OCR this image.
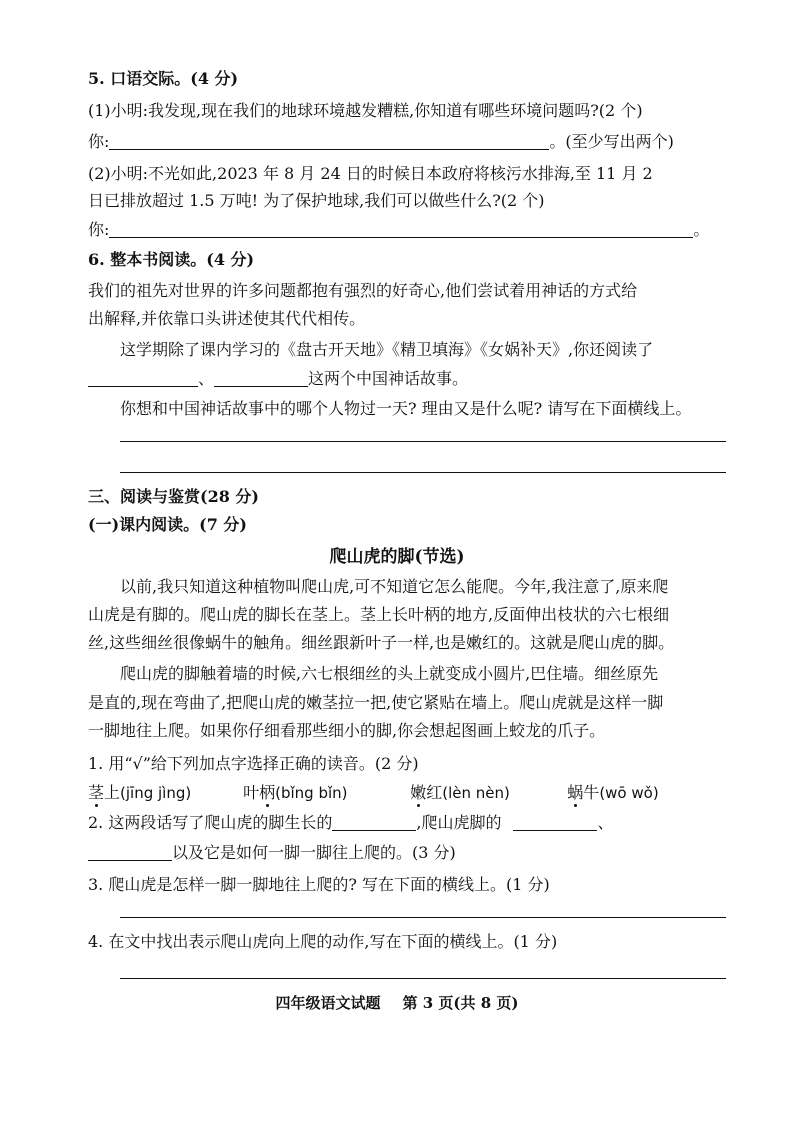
5. 口语交际。(4 分)
(1)小明:我发现,现在我们的地球环境越发糟糕,你知道有哪些环境问题吗?(2 个)
你:	。(至少写出两个)
(2)小明:不光如此,2023 年 8 月 24 日的时候日本政府将核污水排海,至 11 月 2
日已排放超过 1.5 万吨! 为了保护地球,我们可以做些什么?(2 个)
你:	。
6. 整本书阅读。(4 分)
我们的祖先对世界的许多问题都抱有强烈的好奇心,他们尝试着用神话的方式给
出解释,并依靠口头讲述使其代代相传。
这学期除了课内学习的《盘古开天地》《精卫填海》《女娲补天》,你还阅读了
、	这两个中国神话故事。
你想和中国神话故事中的哪个人物过一天? 理由又是什么呢? 请写在下面横线上。
三、阅读与鉴赏(28 分)
(一)课内阅读。(7 分)
爬山虎的脚(节选)
以前,我只知道这种植物叫爬山虎,可不知道它怎么能爬。今年,我注意了,原来爬
山虎是有脚的。爬山虎的脚长在茎上。茎上长叶柄的地方,反面伸出枝状的六七根细
丝,这些细丝很像蜗牛的触角。细丝跟新叶子一样,也是嫩红的。这就是爬山虎的脚。
爬山虎的脚触着墙的时候,六七根细丝的头上就变成小圆片,巴住墙。细丝原先
是直的,现在弯曲了,把爬山虎的嫩茎拉一把,使它紧贴在墙上。爬山虎就是这样一脚
一脚地往上爬。如果你仔细看那些细小的脚,你会想起图画上蛟龙的爪子。
1. 用“√”给下列加点字选择正确的读音。(2 分)
茎上(jīng jìng)	叶柄(bǐng bǐn)	嫩红(lèn nèn)	蜗牛(wō wǒ)
2. 这两段话写了爬山虎的脚生长的	,爬山虎脚的	、
以及它是如何一脚一脚往上爬的。(3 分)
3. 爬山虎是怎样一脚一脚地往上爬的? 写在下面的横线上。(1 分)
4. 在文中找出表示爬山虎向上爬的动作,写在下面的横线上。(1 分)
四年级语文试题 第 3 页(共 8 页)
